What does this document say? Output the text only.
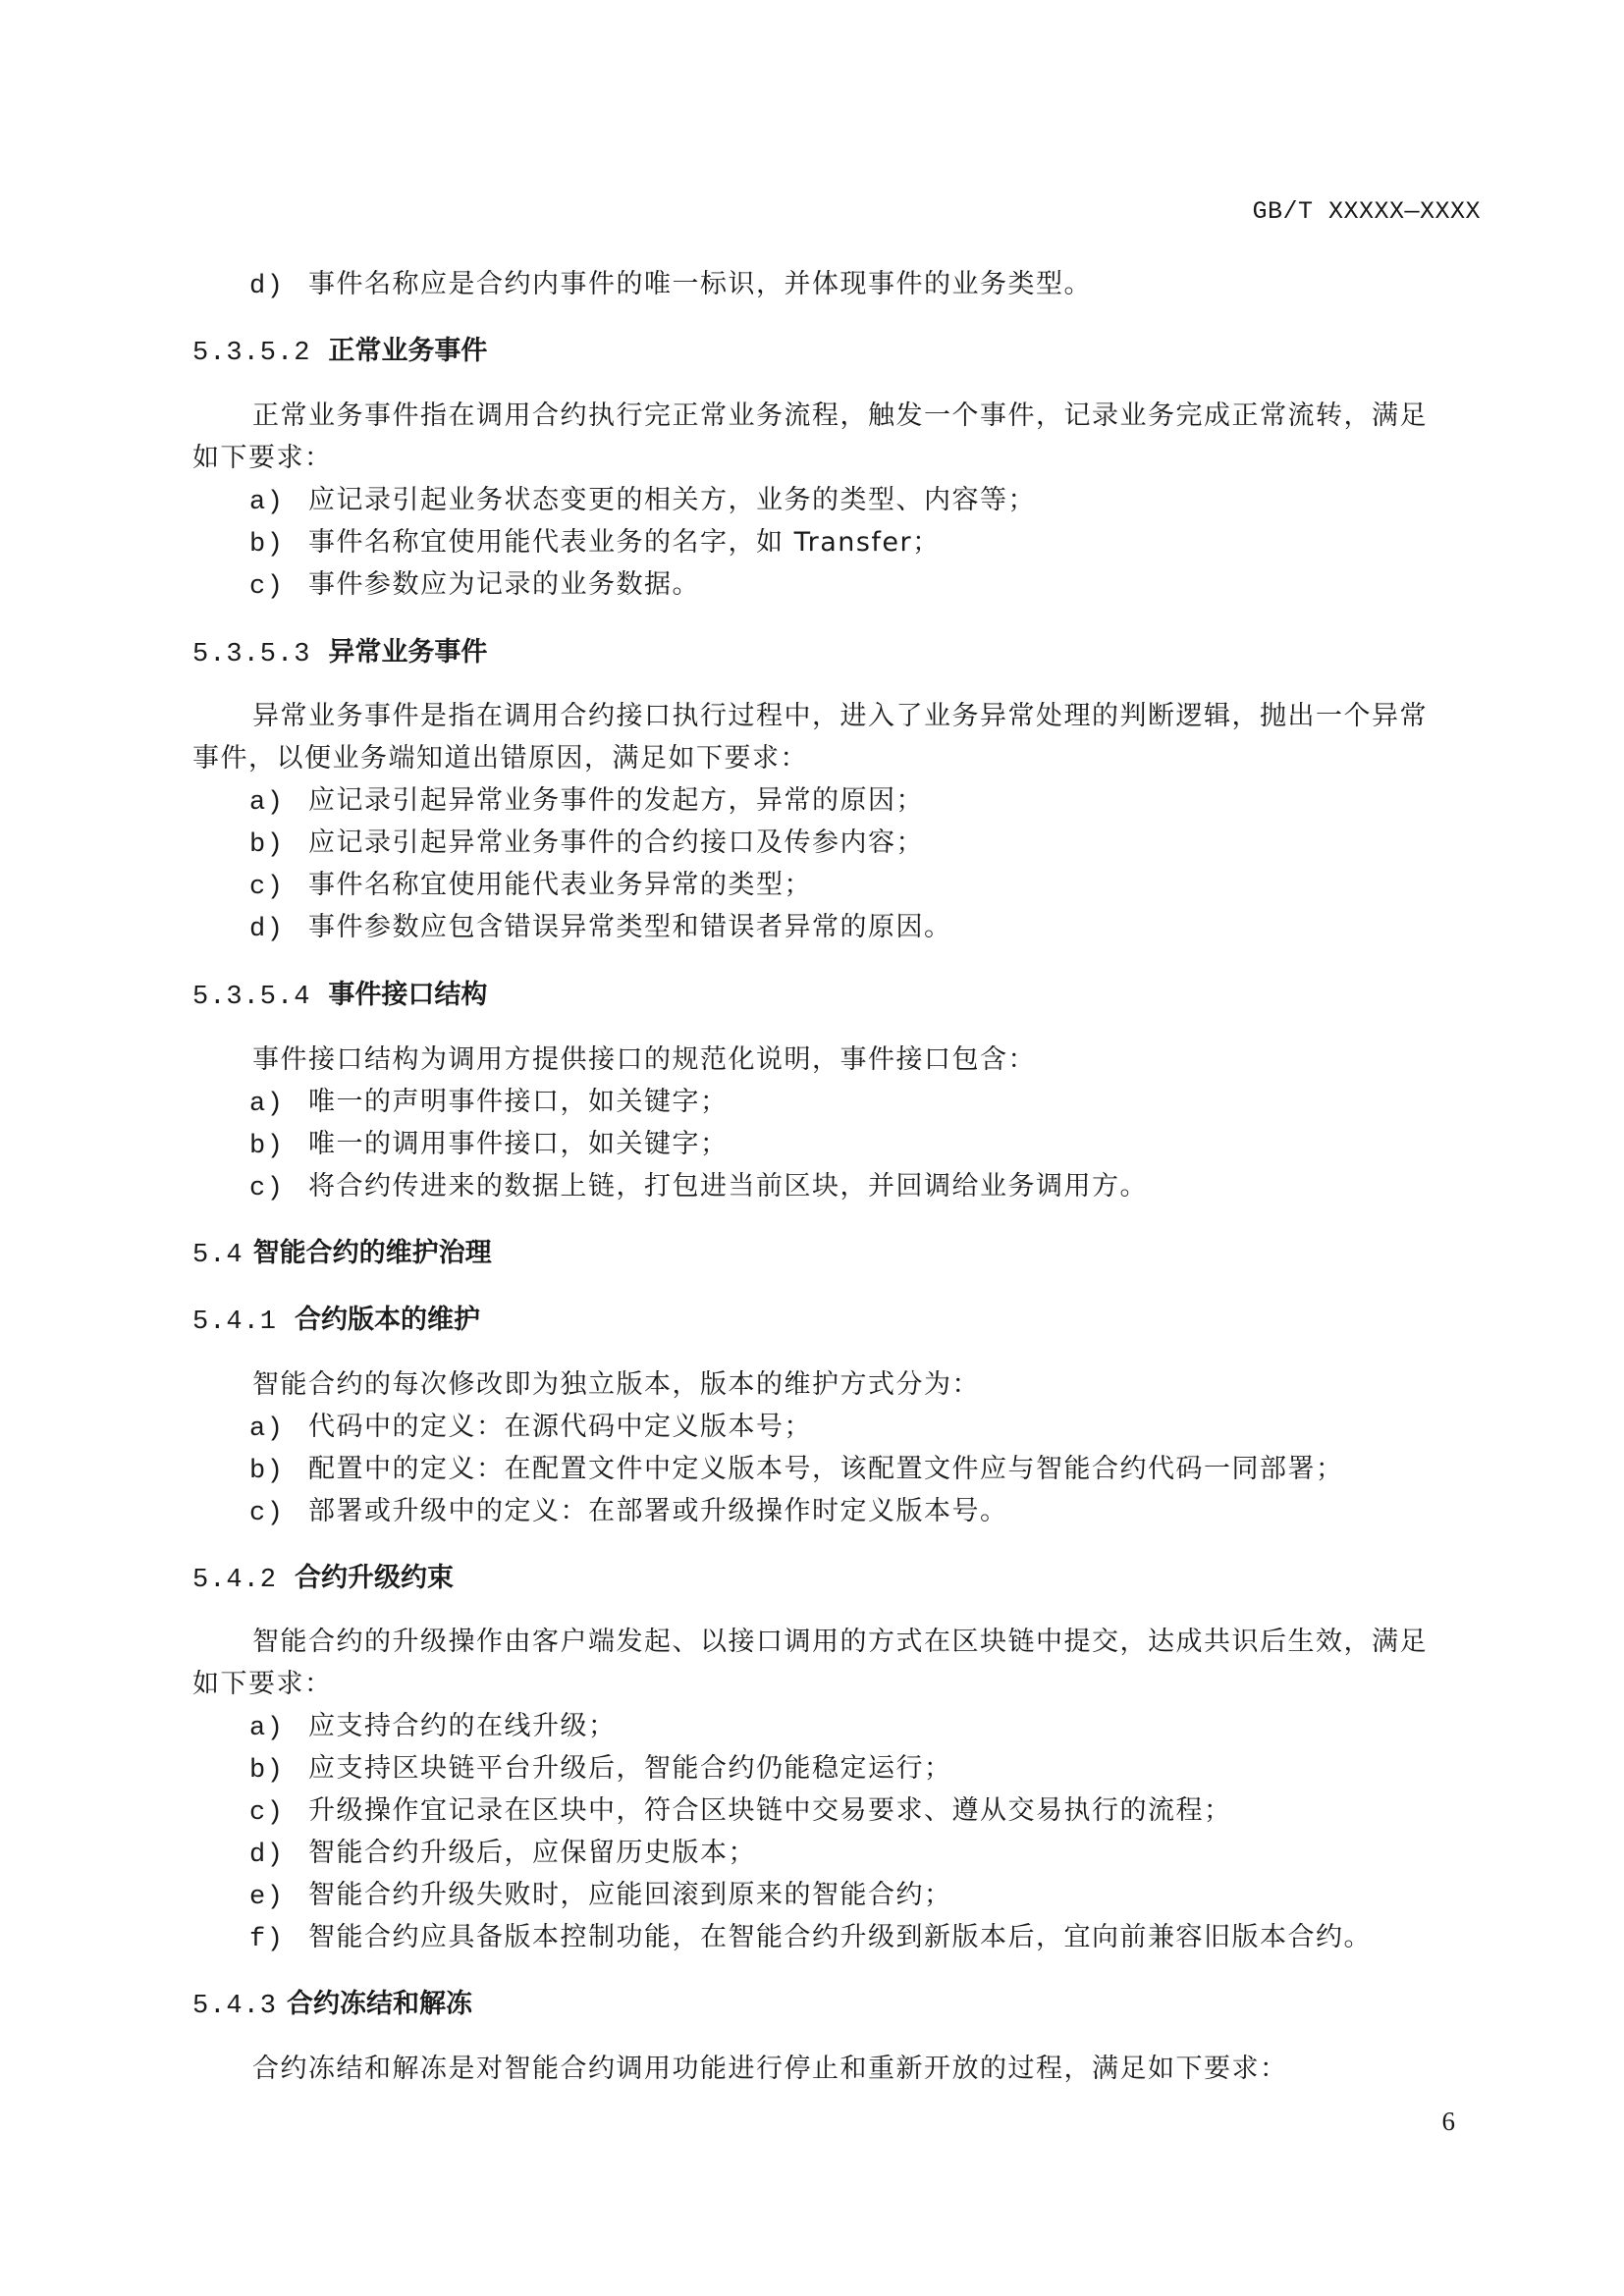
GB/T XXXXX—XXXX
d) 事件名称应是合约内事件的唯一标识，并体现事件的业务类型。
5.3.5.2 正常业务事件
正常业务事件指在调用合约执行完正常业务流程，触发一个事件，记录业务完成正常流转，满足
如下要求：
a) 应记录引起业务状态变更的相关方，业务的类型、内容等；
b) 事件名称宜使用能代表业务的名字，如 Transfer；
c) 事件参数应为记录的业务数据。
5.3.5.3 异常业务事件
异常业务事件是指在调用合约接口执行过程中，进入了业务异常处理的判断逻辑，抛出一个异常
事件，以便业务端知道出错原因，满足如下要求：
a) 应记录引起异常业务事件的发起方，异常的原因；
b) 应记录引起异常业务事件的合约接口及传参内容；
c) 事件名称宜使用能代表业务异常的类型；
d) 事件参数应包含错误异常类型和错误者异常的原因。
5.3.5.4 事件接口结构
事件接口结构为调用方提供接口的规范化说明，事件接口包含：
a) 唯一的声明事件接口，如关键字；
b) 唯一的调用事件接口，如关键字；
c) 将合约传进来的数据上链，打包进当前区块，并回调给业务调用方。
5.4 智能合约的维护治理
5.4.1 合约版本的维护
智能合约的每次修改即为独立版本，版本的维护方式分为：
a) 代码中的定义：在源代码中定义版本号；
b) 配置中的定义：在配置文件中定义版本号，该配置文件应与智能合约代码一同部署；
c) 部署或升级中的定义：在部署或升级操作时定义版本号。
5.4.2 合约升级约束
智能合约的升级操作由客户端发起、以接口调用的方式在区块链中提交，达成共识后生效，满足
如下要求：
a) 应支持合约的在线升级；
b) 应支持区块链平台升级后，智能合约仍能稳定运行；
c) 升级操作宜记录在区块中，符合区块链中交易要求、遵从交易执行的流程；
d) 智能合约升级后，应保留历史版本；
e) 智能合约升级失败时，应能回滚到原来的智能合约；
f) 智能合约应具备版本控制功能，在智能合约升级到新版本后，宜向前兼容旧版本合约。
5.4.3 合约冻结和解冻
合约冻结和解冻是对智能合约调用功能进行停止和重新开放的过程，满足如下要求：
6
